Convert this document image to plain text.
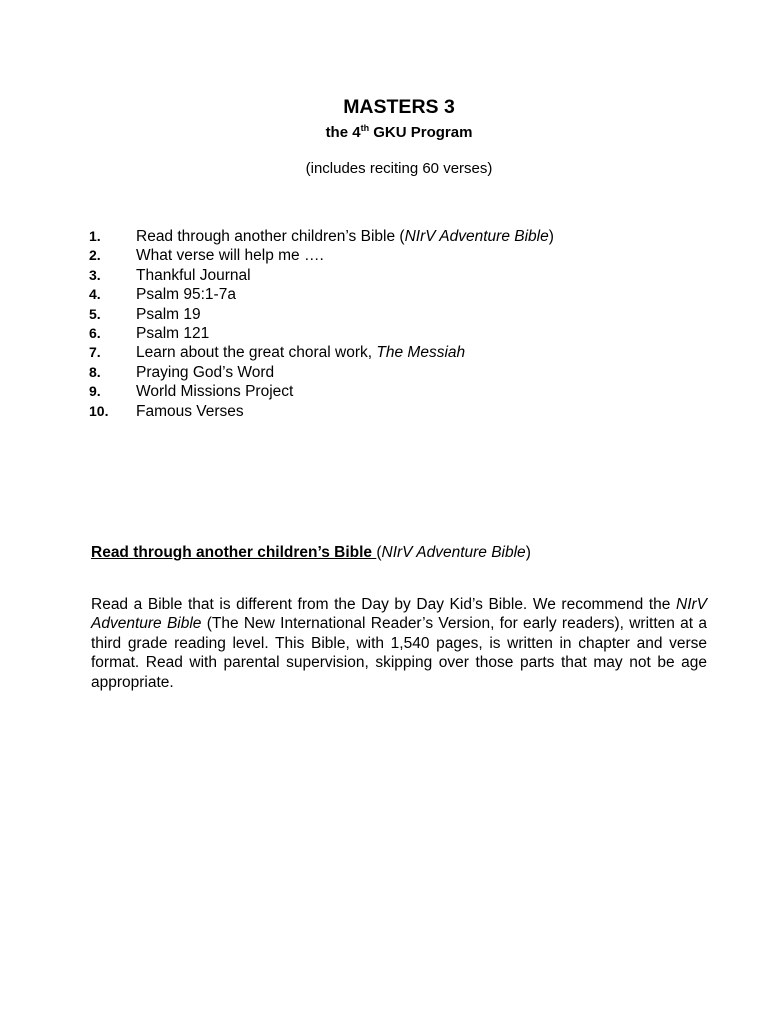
MASTERS 3
the 4th GKU Program
(includes reciting 60 verses)
1. Read through another children’s Bible (NIrV Adventure Bible)
2. What verse will help me ….
3. Thankful Journal
4. Psalm 95:1-7a
5. Psalm 19
6. Psalm 121
7. Learn about the great choral work, The Messiah
8. Praying God’s Word
9. World Missions Project
10. Famous Verses
Read through another children’s Bible (NIrV Adventure Bible)

Read a Bible that is different from the Day by Day Kid’s Bible. We recommend the NIrV Adventure Bible (The New International Reader’s Version, for early readers), written at a third grade reading level. This Bible, with 1,540 pages, is written in chapter and verse format. Read with parental supervision, skipping over those parts that may not be age appropriate.
